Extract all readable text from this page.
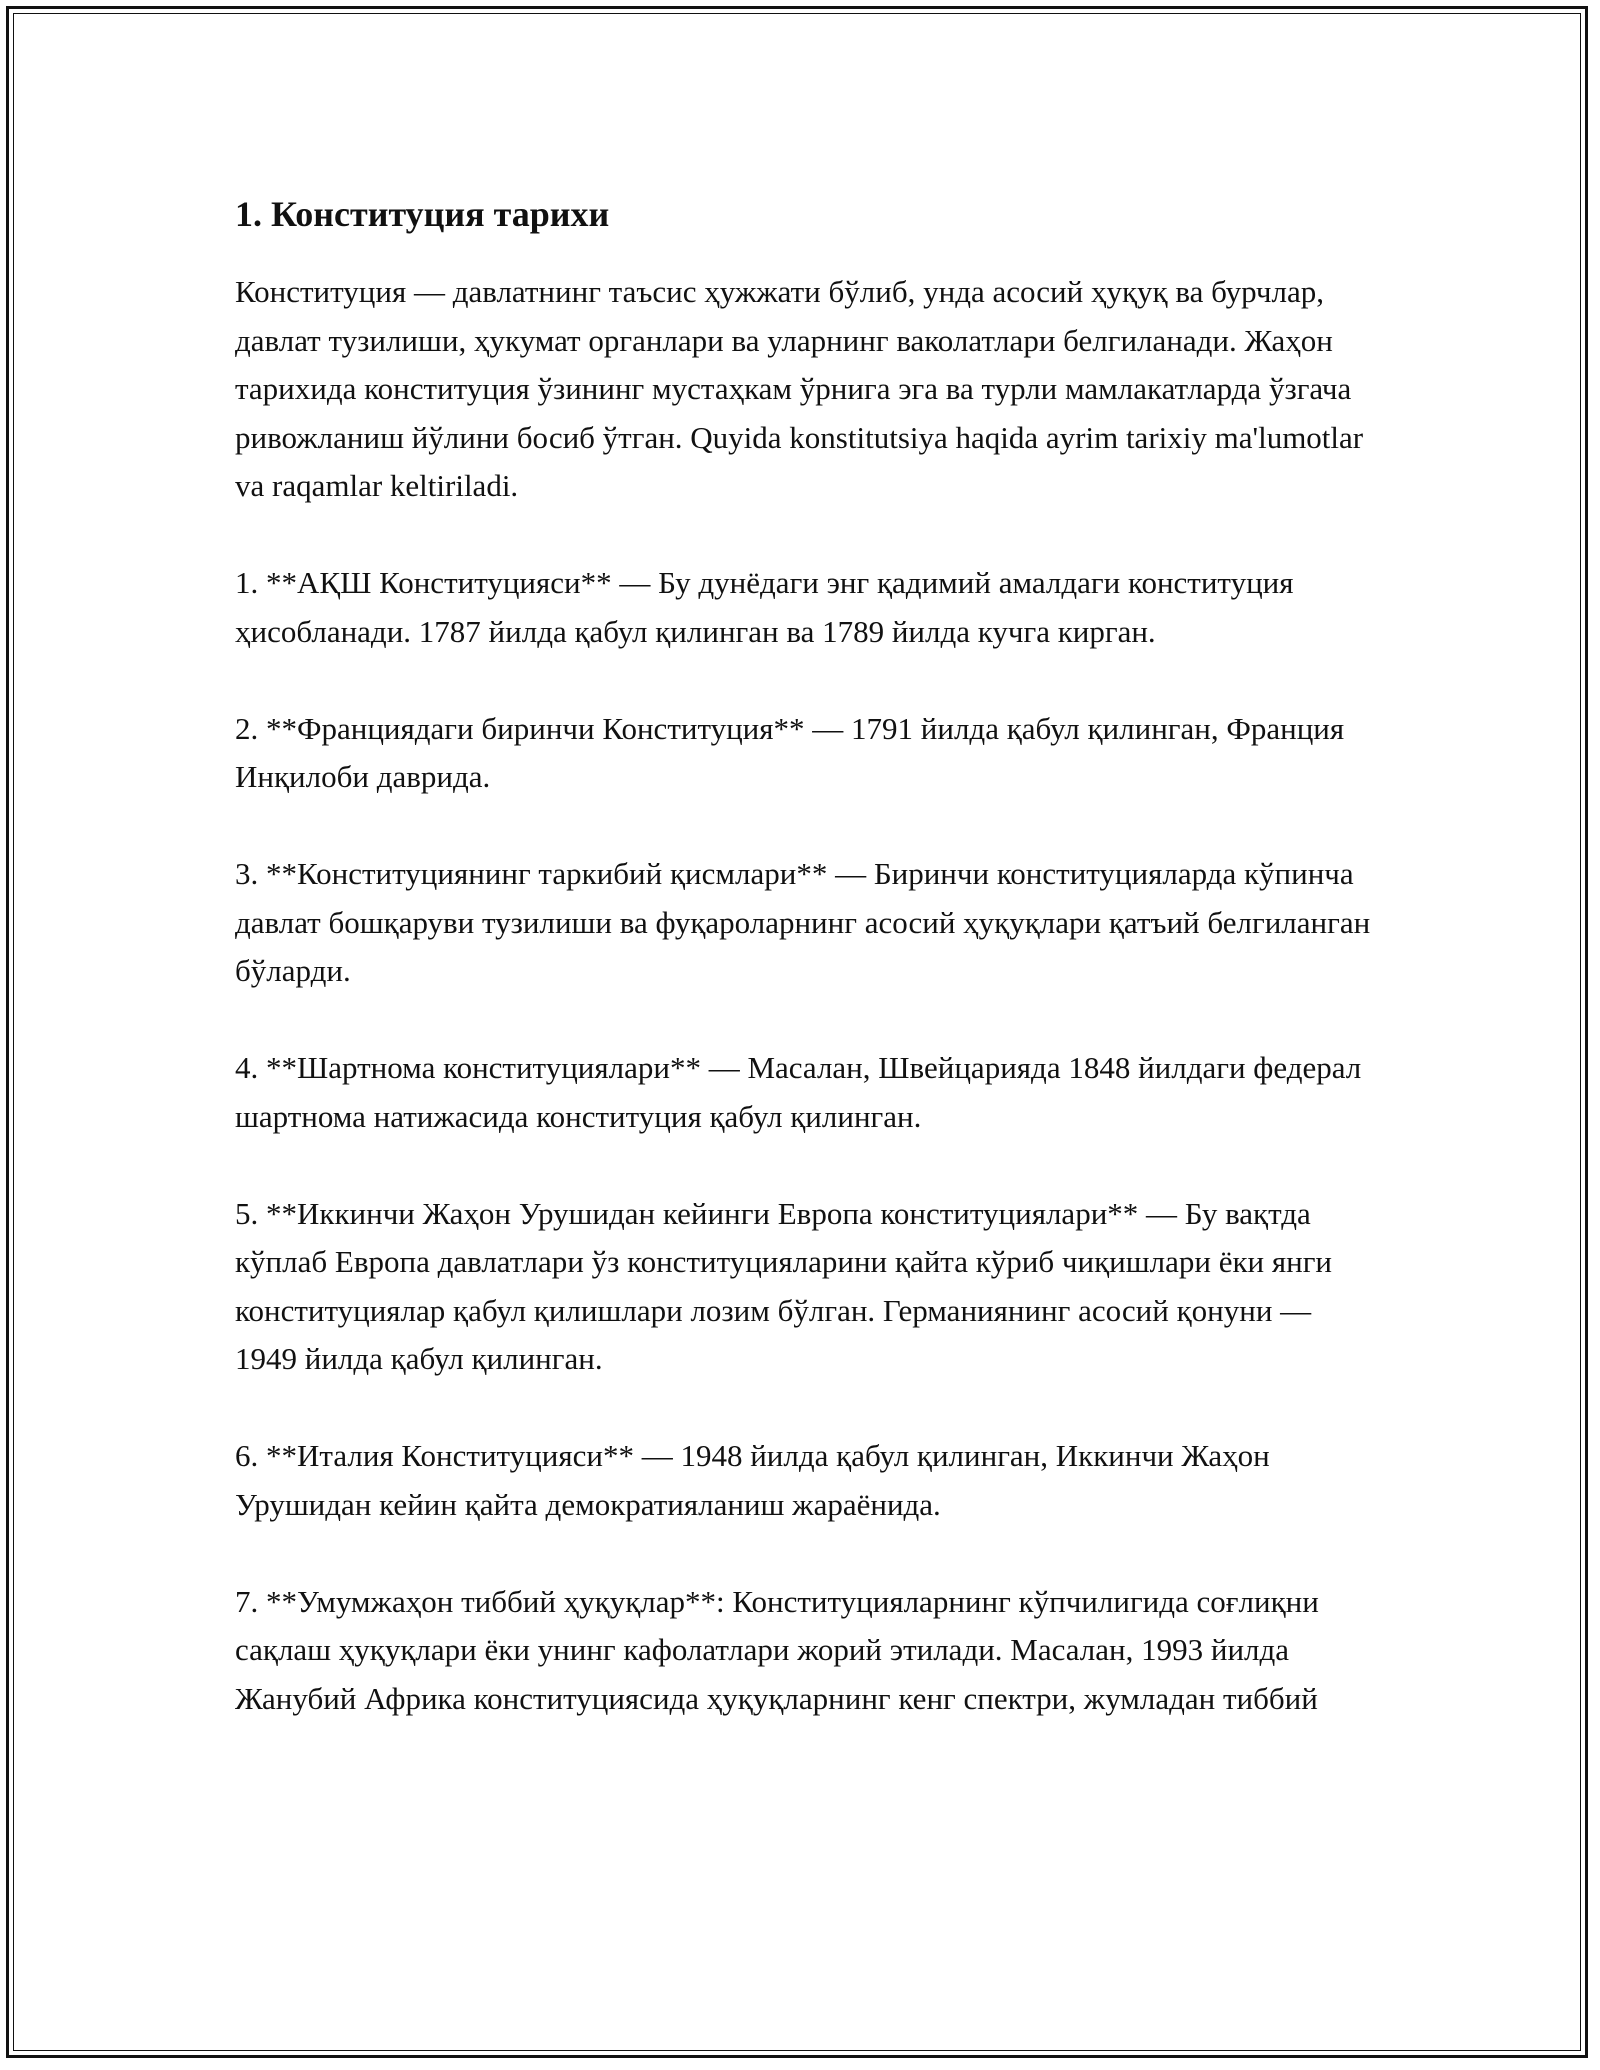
1. Конституция тарихи

Конституция — давлатнинг таъсис ҳужжати бўлиб, унда асосий ҳуқуқ ва бурчлар, давлат тузилиши, ҳукумат органлари ва уларнинг ваколатлари белгиланади. Жаҳон тарихида конституция ўзининг мустаҳкам ўрнига эга ва турли мамлакатларда ўзгача ривожланиш йўлини босиб ўтган. Quyida konstitutsiya haqida ayrim tarixiy ma'lumotlar va raqamlar keltiriladi.

1. **АҚШ Конституцияси** — Бу дунёдаги энг қадимий амалдаги конституция ҳисобланади. 1787 йилда қабул қилинган ва 1789 йилда кучга кирган.

2. **Франциядаги биринчи Конституция** — 1791 йилда қабул қилинган, Франция Инқилоби даврида.

3. **Конституциянинг таркибий қисмлари** — Биринчи конституцияларда кўпинча давлат бошқаруви тузилиши ва фуқароларнинг асосий ҳуқуқлари қатъий белгиланган бўларди.

4. **Шартнома конституциялари** — Масалан, Швейцарияда 1848 йилдаги федерал шартнома натижасида конституция қабул қилинган.

5. **Иккинчи Жаҳон Урушидан кейинги Европа конституциялари** — Бу вақтда кўплаб Европа давлатлари ўз конституцияларини қайта кўриб чиқишлари ёки янги конституциялар қабул қилишлари лозим бўлган. Германиянинг асосий қонуни — 1949 йилда қабул қилинган.

6. **Италия Конституцияси** — 1948 йилда қабул қилинган, Иккинчи Жаҳон Урушидан кейин қайта демократияланиш жараёнида.

7. **Умумжаҳон тиббий ҳуқуқлар**: Конституцияларнинг кўпчилигида соғлиқни сақлаш ҳуқуқлари ёки унинг кафолатлари жорий этилади. Масалан, 1993 йилда Жанубий Африка конституциясида ҳуқуқларнинг кенг спектри, жумладан тиббий
